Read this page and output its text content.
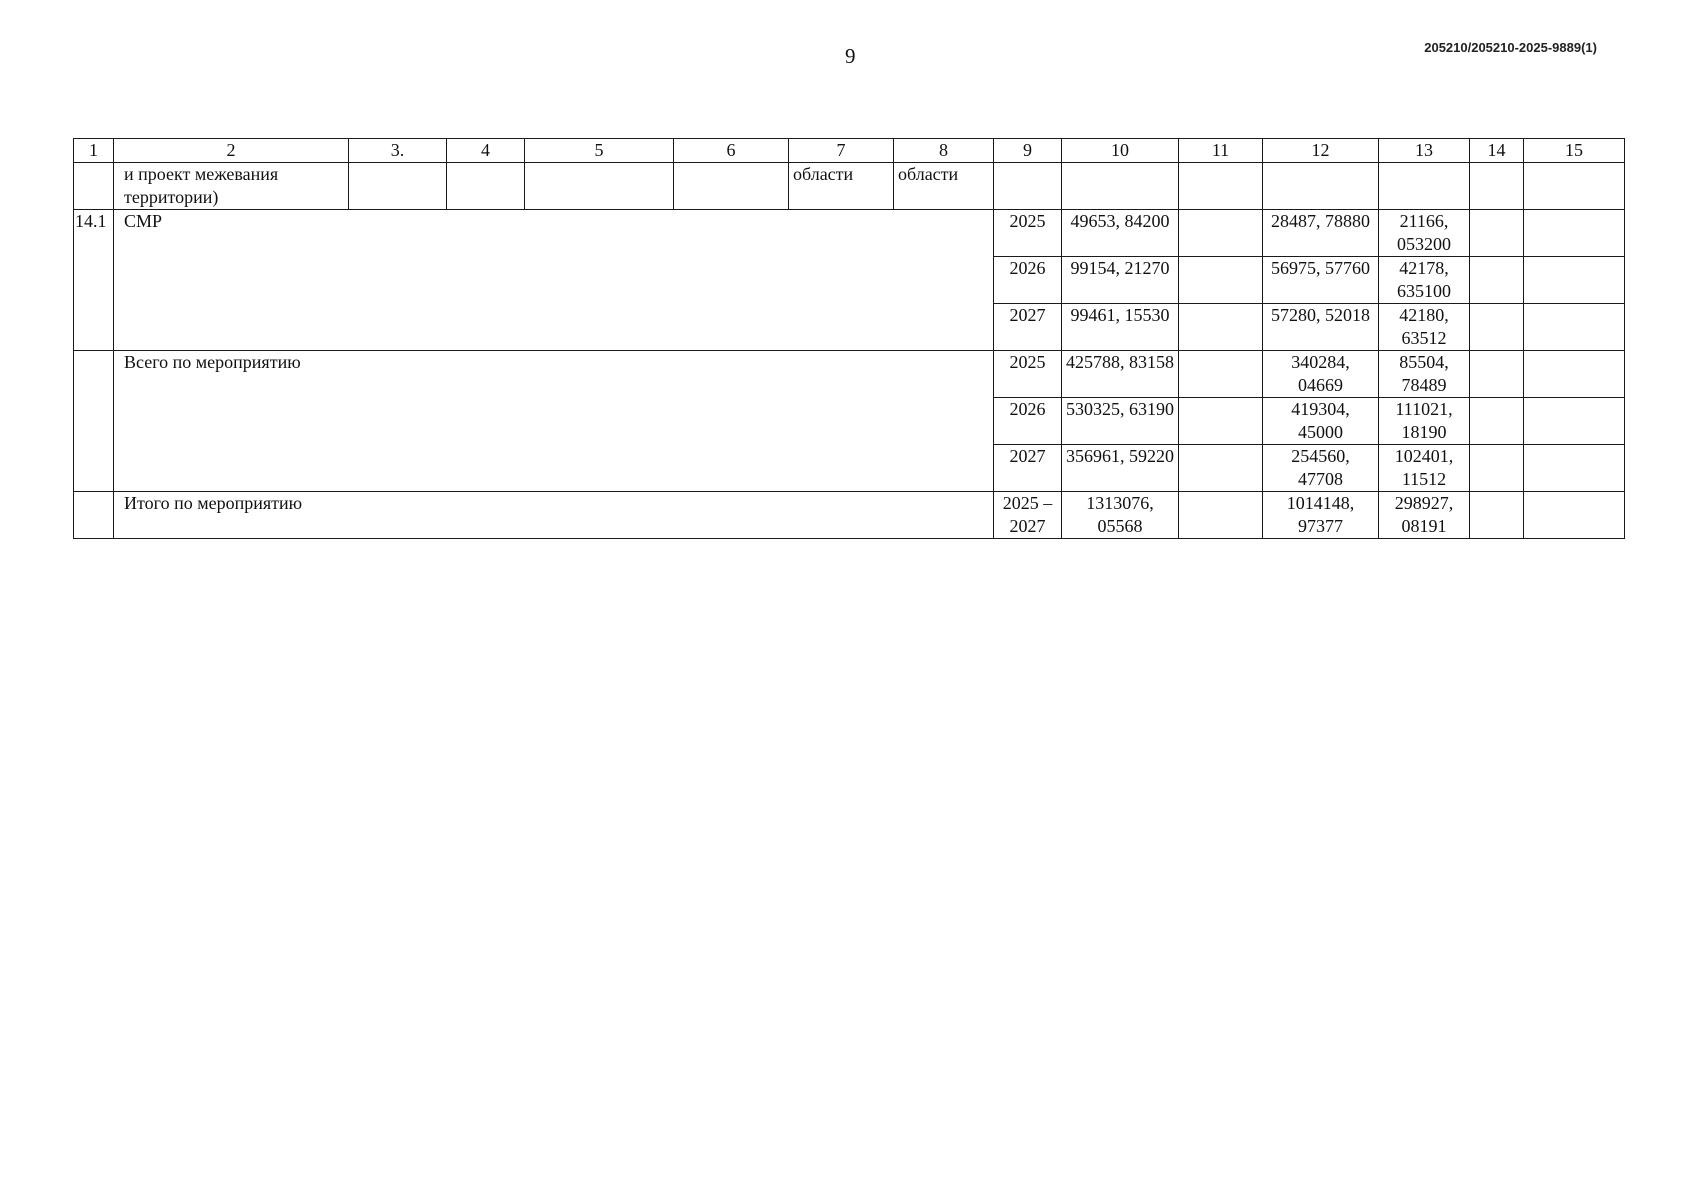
9	205210/205210-2025-9889(1)
1	2	3.	4	5	6	7	8	9	10	11	12	13	14	15
	и проект межевания территории)					области	области							
14.1	СМР							2025	49653, 84200		28487, 78880	21166, 053200		
								2026	99154, 21270		56975, 57760	42178, 635100		
								2027	99461, 15530		57280, 52018	42180, 63512		
	Всего по мероприятию							2025	425788, 83158		340284, 04669	85504, 78489		
								2026	530325, 63190		419304, 45000	111021, 18190		
								2027	356961, 59220		254560, 47708	102401, 11512		
	Итого по мероприятию							2025 – 2027	1313076, 05568		1014148, 97377	298927, 08191		
